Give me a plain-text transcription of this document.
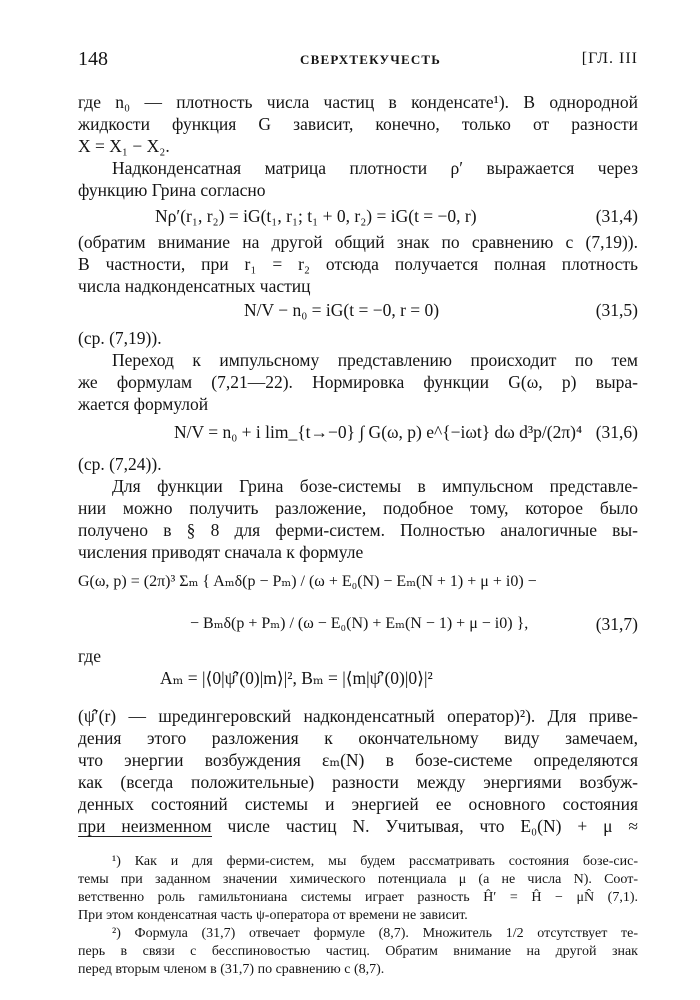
148	СВЕРХТЕКУЧЕСТЬ	[ГЛ. III
где n₀ — плотность числа частиц в конденсате¹). В однородной
жидкости функция G зависит, конечно, только от разности
X = X₁ − X₂.
Надконденсатная матрица плотности ρ′ выражается через
функцию Грина согласно
Nρ′(r₁, r₂) = iG(t₁, r₁; t₁ + 0, r₂) = iG(t = −0, r)	(31,4)
(обратим внимание на другой общий знак по сравнению с (7,19)).
В частности, при r₁ = r₂ отсюда получается полная плотность
числа надконденсатных частиц
N/V − n₀ = iG(t = −0, r = 0)	(31,5)
(ср. (7,19)).
Переход к импульсному представлению происходит по тем
же формулам (7,21—22). Нормировка функции G(ω, p) выра-
жается формулой
N/V = n₀ + i lim_{t→−0} ∫ G(ω, p) e^{−iωt} dω d³p/(2π)⁴ (31,6)
(ср. (7,24)).
Для функции Грина бозе-системы в импульсном представле-
нии можно получить разложение, подобное тому, которое было
получено в § 8 для ферми-систем. Полностью аналогичные вы-
числения приводят сначала к формуле
G(ω, p) = (2π)³ Σₘ { Aₘδ(p − Pₘ) / (ω + E₀(N) − Eₘ(N + 1) + μ + i0) −
− Bₘδ(p + Pₘ) / (ω − E₀(N) + Eₘ(N − 1) + μ − i0) },	(31,7)
где
Aₘ = |⟨0|ψ̂′(0)|m⟩|², Bₘ = |⟨m|ψ̂′(0)|0⟩|²
(ψ̂′(r) — шредингеровский надконденсатный оператор)²). Для приве-
дения этого разложения к окончательному виду замечаем,
что энергии возбуждения εₘ(N) в бозе-системе определяются
как (всегда положительные) разности между энергиями возбуж-
денных состояний системы и энергией ее основного состояния
при неизменном числе частиц N. Учитывая, что E₀(N) + μ ≈
¹) Как и для ферми-систем, мы будем рассматривать состояния бозе-сис-
темы при заданном значении химического потенциала μ (а не числа N). Соот-
ветственно роль гамильтониана системы играет разность Ĥ′ = Ĥ − μN̂ (7,1).
При этом конденсатная часть ψ-оператора от времени не зависит.
²) Формула (31,7) отвечает формуле (8,7). Множитель 1/2 отсутствует те-
перь в связи с бесспиновостью частиц. Обратим внимание на другой знак
перед вторым членом в (31,7) по сравнению с (8,7).
